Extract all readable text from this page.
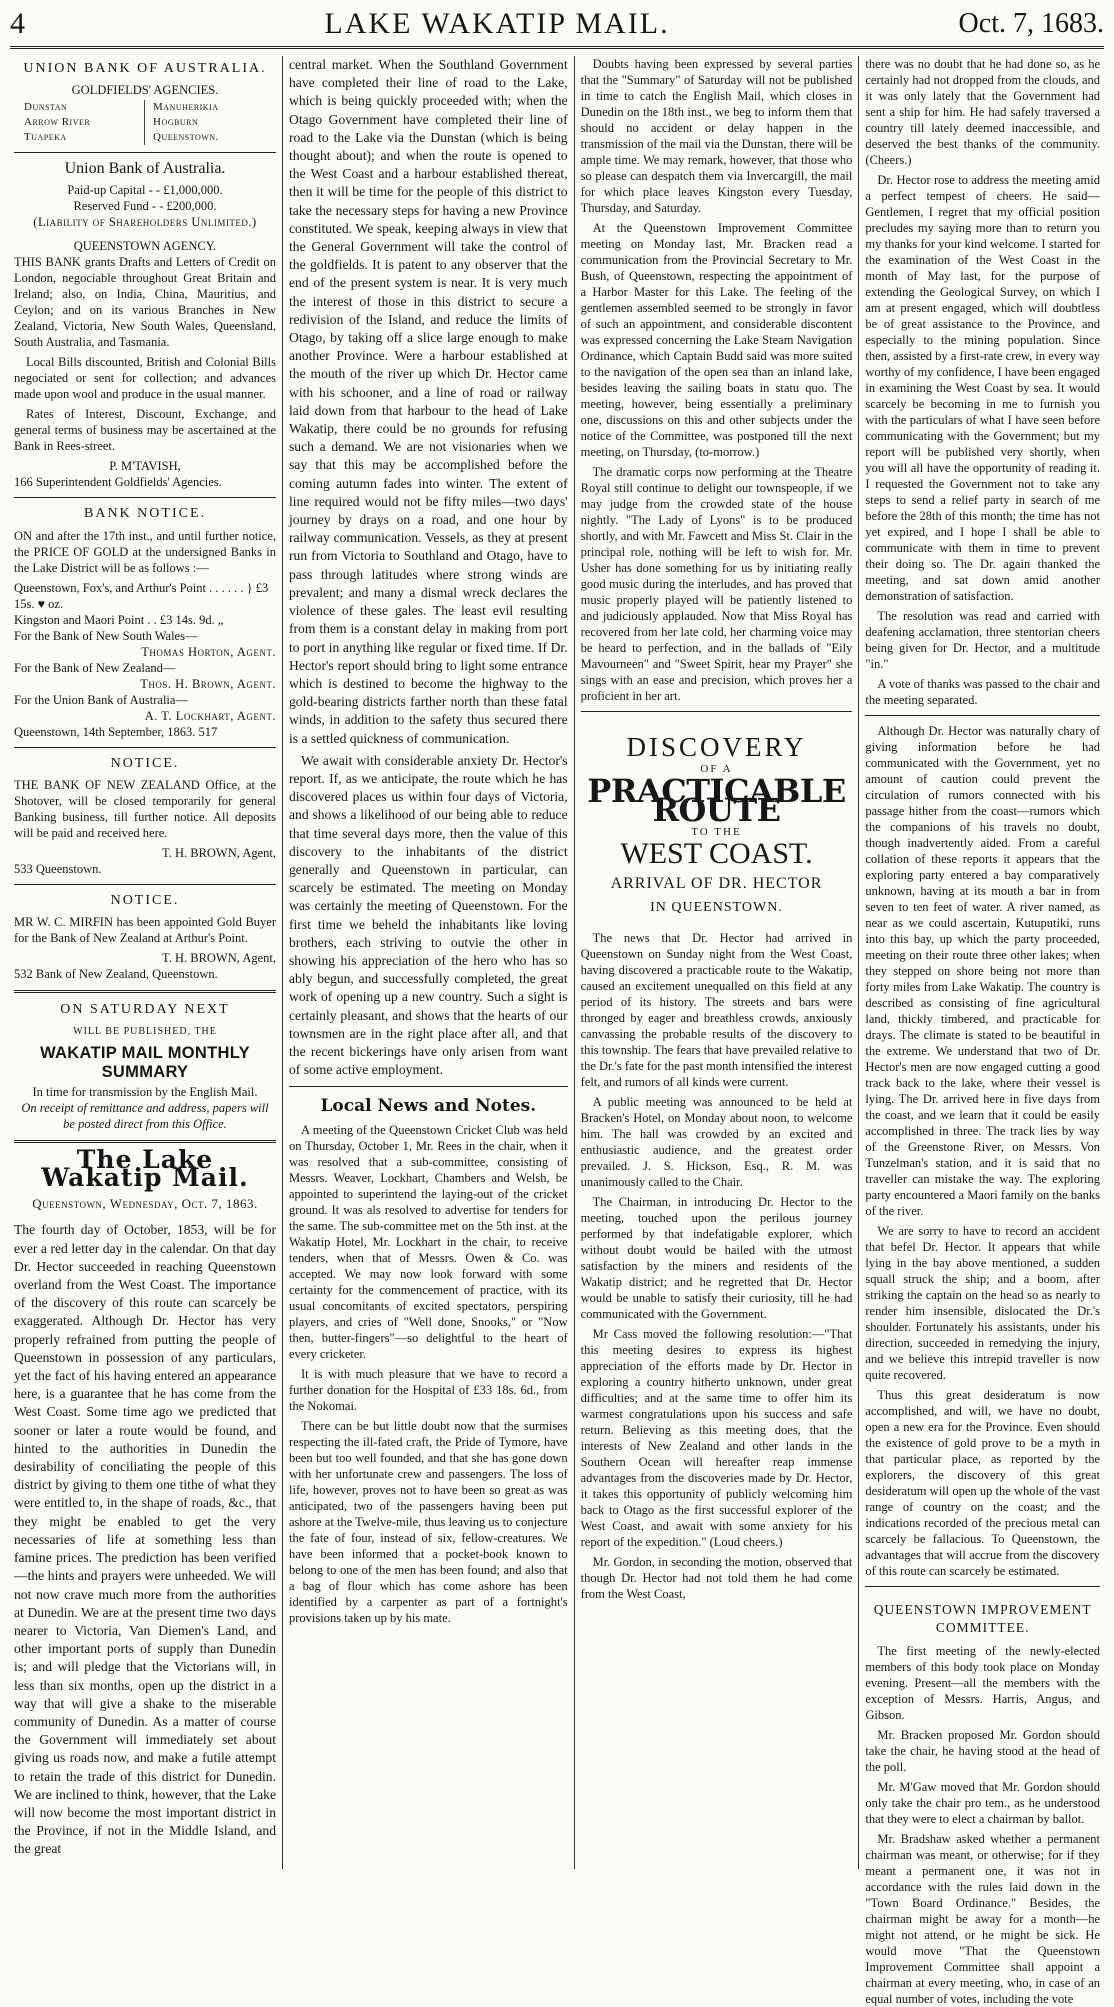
4	LAKE WAKATIP MAIL.	Oct. 7, 1683.
UNION BANK OF AUSTRALIA.
GOLDFIELDS' AGENCIES.
Dunstan	Manuherikia
Arrow River	Hogburn
Tuapeka	Queenstown.
Union Bank of Australia.
Paid-up Capital - - £1,000,000.
Reserved Fund - - £200,000.
(Liability of Shareholders Unlimited.)
QUEENSTOWN AGENCY.

THIS BANK grants Drafts and Letters of Credit on London, negociable throughout Great Britain and Ireland; also, on India, China, Mauritius, and Ceylon; and on its various Branches in New Zealand, Victoria, New South Wales, Queensland, South Australia, and Tasmania.

Local Bills discounted, British and Colonial Bills negociated or sent for collection; and advances made upon wool and produce in the usual manner.

Rates of Interest, Discount, Exchange, and general terms of business may be ascertained at the Bank in Rees-street.

P. M'TAVISH,
166 Superintendent Goldfields' Agencies.
BANK NOTICE.

ON and after the 17th inst., and until further notice, the PRICE OF GOLD at the undersigned Banks in the Lake District will be as follows :—

Queenstown, Fox's, and Arthur's Point . . . . . . } £3 15s. ♥ oz.
Kingston and Maori Point . . £3 14s. 9d. „
For the Bank of New South Wales—
Thomas Horton, Agent.
For the Bank of New Zealand—
Thos. H. Brown, Agent.
For the Union Bank of Australia—
A. T. Lockhart, Agent.
Queenstown, 14th September, 1863. 517
NOTICE.

THE BANK OF NEW ZEALAND Office, at the Shotover, will be closed temporarily for general Banking business, till further notice. All deposits will be paid and received here.

T. H. BROWN, Agent,
533 Queenstown.
NOTICE.

MR W. C. MIRFIN has been appointed Gold Buyer for the Bank of New Zealand at Arthur's Point.

T. H. BROWN, Agent,
532 Bank of New Zealand, Queenstown.
ON SATURDAY NEXT
WILL BE PUBLISHED, THE
WAKATIP MAIL MONTHLY SUMMARY
In time for transmission by the English Mail.
On receipt of remittance and address, papers will be posted direct from this Office.
The Lake Wakatip Mail.
Queenstown, Wednesday, Oct. 7, 1863.

The fourth day of October, 1853, will be for ever a red letter day in the calendar. On that day Dr. Hector succeeded in reaching Queenstown overland from the West Coast. The importance of the discovery of this route can scarcely be exaggerated. Although Dr. Hector has very properly refrained from putting the people of Queenstown in possession of any particulars, yet the fact of his having entered an appearance here, is a guarantee that he has come from the West Coast. Some time ago we predicted that sooner or later a route would be found, and hinted to the authorities in Dunedin the desirability of conciliating the people of this district by giving to them one tithe of what they were entitled to, in the shape of roads, &c., that they might be enabled to get the very necessaries of life at something less than famine prices. The prediction has been verified—the hints and prayers were unheeded. We will not now crave much more from the authorities at Dunedin. We are at the present time two days nearer to Victoria, Van Diemen's Land, and other important ports of supply than Dunedin is; and will pledge that the Victorians will, in less than six months, open up the district in a way that will give a shake to the miserable community of Dunedin. As a matter of course the Government will immediately set about giving us roads now, and make a futile attempt to retain the trade of this district for Dunedin. We are inclined to think, however, that the Lake will now become the most important district in the Province, if not in the Middle Island, and the great

central market. When the Southland Government have completed their line of road to the Lake, which is being quickly proceeded with; when the Otago Government have completed their line of road to the Lake via the Dunstan (which is being thought about); and when the route is opened to the West Coast and a harbour established thereat, then it will be time for the people of this district to take the necessary steps for having a new Province constituted. We speak, keeping always in view that the General Government will take the control of the goldfields. It is patent to any observer that the end of the present system is near. It is very much the interest of those in this district to secure a redivision of the Island, and reduce the limits of Otago, by taking off a slice large enough to make another Province. Were a harbour established at the mouth of the river up which Dr. Hector came with his schooner, and a line of road or railway laid down from that harbour to the head of Lake Wakatip, there could be no grounds for refusing such a demand. We are not visionaries when we say that this may be accomplished before the coming autumn fades into winter. The extent of line required would not be fifty miles—two days' journey by drays on a road, and one hour by railway communication. Vessels, as they at present run from Victoria to Southland and Otago, have to pass through latitudes where strong winds are prevalent; and many a dismal wreck declares the violence of these gales. The least evil resulting from them is a constant delay in making from port to port in anything like regular or fixed time. If Dr. Hector's report should bring to light some entrance which is destined to become the highway to the gold-bearing districts farther north than these fatal winds, in addition to the safety thus secured there is a settled quickness of communication.

We await with considerable anxiety Dr. Hector's report. If, as we anticipate, the route which he has discovered places us within four days of Victoria, and shows a likelihood of our being able to reduce that time several days more, then the value of this discovery to the inhabitants of the district generally and Queenstown in particular, can scarcely be estimated. The meeting on Monday was certainly the meeting of Queenstown. For the first time we beheld the inhabitants like loving brothers, each striving to outvie the other in showing his appreciation of the hero who has so ably begun, and successfully completed, the great work of opening up a new country. Such a sight is certainly pleasant, and shows that the hearts of our townsmen are in the right place after all, and that the recent bickerings have only arisen from want of some active employment.

Local News and Notes.

A meeting of the Queenstown Cricket Club was held on Thursday, October 1, Mr. Rees in the chair, when it was resolved that a sub-committee, consisting of Messrs. Weaver, Lockhart, Chambers and Welsh, be appointed to superintend the laying-out of the cricket ground. It was als resolved to advertise for tenders for the same. The sub-committee met on the 5th inst. at the Wakatip Hotel, Mr. Lockhart in the chair, to receive tenders, when that of Messrs. Owen & Co. was accepted. We may now look forward with some certainty for the commencement of practice, with its usual concomitants of excited spectators, perspiring players, and cries of "Well done, Snooks," or "Now then, butter-fingers"—so delightful to the heart of every cricketer.

It is with much pleasure that we have to record a further donation for the Hospital of £33 18s. 6d., from the Nokomai.

There can be but little doubt now that the surmises respecting the ill-fated craft, the Pride of Tymore, have been but too well founded, and that she has gone down with her unfortunate crew and passengers. The loss of life, however, proves not to have been so great as was anticipated, two of the passengers having been put ashore at the Twelve-mile, thus leaving us to conjecture the fate of four, instead of six, fellow-creatures. We have been informed that a pocket-book known to belong to one of the men has been found; and also that a bag of flour which has come ashore has been identified by a carpenter as part of a fortnight's provisions taken up by his mate.

Doubts having been expressed by several parties that the "Summary" of Saturday will not be published in time to catch the English Mail, which closes in Dunedin on the 18th inst., we beg to inform them that should no accident or delay happen in the transmission of the mail via the Dunstan, there will be ample time. We may remark, however, that those who so please can despatch them via Invercargill, the mail for which place leaves Kingston every Tuesday, Thursday, and Saturday.

At the Queenstown Improvement Committee meeting on Monday last, Mr. Bracken read a communication from the Provincial Secretary to Mr. Bush, of Queenstown, respecting the appointment of a Harbor Master for this Lake. The feeling of the gentlemen assembled seemed to be strongly in favor of such an appointment, and considerable discontent was expressed concerning the Lake Steam Navigation Ordinance, which Captain Budd said was more suited to the navigation of the open sea than an inland lake, besides leaving the sailing boats in statu quo. The meeting, however, being essentially a preliminary one, discussions on this and other subjects under the notice of the Committee, was postponed till the next meeting, on Thursday, (to-morrow.)

The dramatic corps now performing at the Theatre Royal still continue to delight our townspeople, if we may judge from the crowded state of the house nightly. "The Lady of Lyons" is to be produced shortly, and with Mr. Fawcett and Miss St. Clair in the principal role, nothing will be left to wish for. Mr. Usher has done something for us by initiating really good music during the interludes, and has proved that music properly played will be patiently listened to and judiciously applauded. Now that Miss Royal has recovered from her late cold, her charming voice may be heard to perfection, and in the ballads of "Eily Mavourneen" and "Sweet Spirit, hear my Prayer" she sings with an ease and precision, which proves her a proficient in her art.

DISCOVERY
OF A
PRACTICABLE ROUTE
TO THE
WEST COAST.
ARRIVAL OF DR. HECTOR
IN QUEENSTOWN.

The news that Dr. Hector had arrived in Queenstown on Sunday night from the West Coast, having discovered a practicable route to the Wakatip, caused an excitement unequalled on this field at any period of its history. The streets and bars were thronged by eager and breathless crowds, anxiously canvassing the probable results of the discovery to this township. The fears that have prevailed relative to the Dr.'s fate for the past month intensified the interest felt, and rumors of all kinds were current.

A public meeting was announced to be held at Bracken's Hotel, on Monday about noon, to welcome him. The hall was crowded by an excited and enthusiastic audience, and the greatest order prevailed. J. S. Hickson, Esq., R. M. was unanimously called to the Chair.

The Chairman, in introducing Dr. Hector to the meeting, touched upon the perilous journey performed by that indefatigable explorer, which without doubt would be hailed with the utmost satisfaction by the miners and residents of the Wakatip district; and he regretted that Dr. Hector would be unable to satisfy their curiosity, till he had communicated with the Government.

Mr Cass moved the following resolution:—"That this meeting desires to express its highest appreciation of the efforts made by Dr. Hector in exploring a country hitherto unknown, under great difficulties; and at the same time to offer him its warmest congratulations upon his success and safe return. Believing as this meeting does, that the interests of New Zealand and other lands in the Southern Ocean will hereafter reap immense advantages from the discoveries made by Dr. Hector, it takes this opportunity of publicly welcoming him back to Otago as the first successful explorer of the West Coast, and await with some anxiety for his report of the expedition." (Loud cheers.)

Mr. Gordon, in seconding the motion, observed that though Dr. Hector had not told them he had come from the West Coast,

there was no doubt that he had done so, as he certainly had not dropped from the clouds, and it was only lately that the Government had sent a ship for him. He had safely traversed a country till lately deemed inaccessible, and deserved the best thanks of the community. (Cheers.)

Dr. Hector rose to address the meeting amid a perfect tempest of cheers. He said—Gentlemen, I regret that my official position precludes my saying more than to return you my thanks for your kind welcome. I started for the examination of the West Coast in the month of May last, for the purpose of extending the Geological Survey, on which I am at present engaged, which will doubtless be of great assistance to the Province, and especially to the mining population. Since then, assisted by a first-rate crew, in every way worthy of my confidence, I have been engaged in examining the West Coast by sea. It would scarcely be becoming in me to furnish you with the particulars of what I have seen before communicating with the Government; but my report will be published very shortly, when you will all have the opportunity of reading it. I requested the Government not to take any steps to send a relief party in search of me before the 28th of this month; the time has not yet expired, and I hope I shall be able to communicate with them in time to prevent their doing so. The Dr. again thanked the meeting, and sat down amid another demonstration of satisfaction.

The resolution was read and carried with deafening acclamation, three stentorian cheers being given for Dr. Hector, and a multitude "in."

A vote of thanks was passed to the chair and the meeting separated.

Although Dr. Hector was naturally chary of giving information before he had communicated with the Government, yet no amount of caution could prevent the circulation of rumors connected with his passage hither from the coast—rumors which the companions of his travels no doubt, though inadvertently aided. From a careful collation of these reports it appears that the exploring party entered a bay comparatively unknown, having at its mouth a bar in from seven to ten feet of water. A river named, as near as we could ascertain, Kutuputiki, runs into this bay, up which the party proceeded, meeting on their route three other lakes; when they stepped on shore being not more than forty miles from Lake Wakatip. The country is described as consisting of fine agricultural land, thickly timbered, and practicable for drays. The climate is stated to be beautiful in the extreme. We understand that two of Dr. Hector's men are now engaged cutting a good track back to the lake, where their vessel is lying. The Dr. arrived here in five days from the coast, and we learn that it could be easily accomplished in three. The track lies by way of the Greenstone River, on Messrs. Von Tunzelman's station, and it is said that no traveller can mistake the way. The exploring party encountered a Maori family on the banks of the river.

We are sorry to have to record an accident that befel Dr. Hector. It appears that while lying in the bay above mentioned, a sudden squall struck the ship; and a boom, after striking the captain on the head so as nearly to render him insensible, dislocated the Dr.'s shoulder. Fortunately his assistants, under his direction, succeeded in remedying the injury, and we believe this intrepid traveller is now quite recovered.

Thus this great desideratum is now accomplished, and will, we have no doubt, open a new era for the Province. Even should the existence of gold prove to be a myth in that particular place, as reported by the explorers, the discovery of this great desideratum will open up the whole of the vast range of country on the coast; and the indications recorded of the precious metal can scarcely be fallacious. To Queenstown, the advantages that will accrue from the discovery of this route can scarcely be estimated.

QUEENSTOWN IMPROVEMENT
COMMITTEE.

The first meeting of the newly-elected members of this body took place on Monday evening. Present—all the members with the exception of Messrs. Harris, Angus, and Gibson.

Mr. Bracken proposed Mr. Gordon should take the chair, he having stood at the head of the poll.

Mr. M'Gaw moved that Mr. Gordon should only take the chair pro tem., as he understood that they were to elect a chairman by ballot.

Mr. Bradshaw asked whether a permanent chairman was meant, or otherwise; for if they meant a permanent one, it was not in accordance with the rules laid down in the "Town Board Ordinance." Besides, the chairman might be away for a month—he might not attend, or he might be sick. He would move "That the Queenstown Improvement Committee shall appoint a chairman at every meeting, who, in case of an equal number of votes, including the vote
